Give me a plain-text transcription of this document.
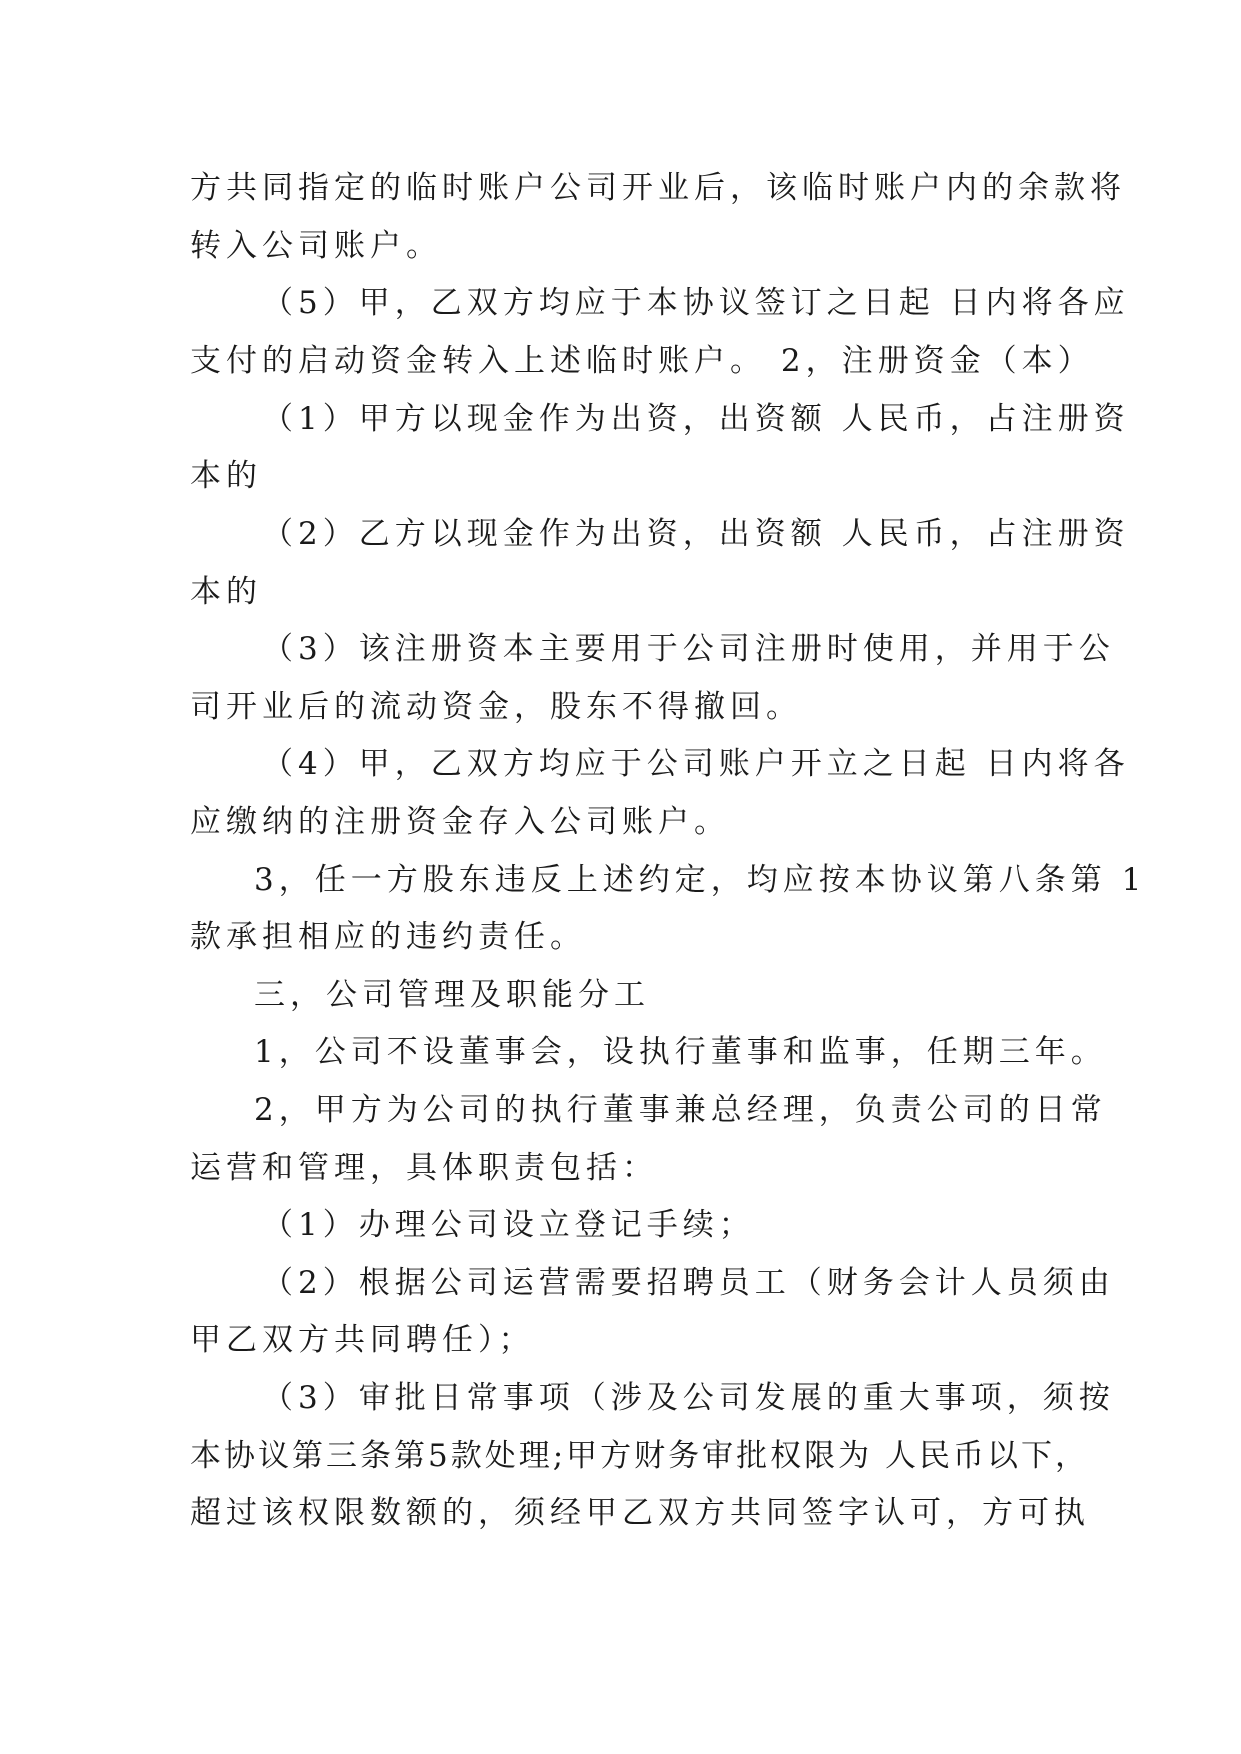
方共同指定的临时账户公司开业后，该临时账户内的余款将
转入公司账户。
（5）甲，乙双方均应于本协议签订之日起 日内将各应
支付的启动资金转入上述临时账户。 2，注册资金（本）
（1）甲方以现金作为出资，出资额 人民币，占注册资
本的
（2）乙方以现金作为出资，出资额 人民币，占注册资
本的
（3）该注册资本主要用于公司注册时使用，并用于公
司开业后的流动资金，股东不得撤回。
（4）甲，乙双方均应于公司账户开立之日起 日内将各
应缴纳的注册资金存入公司账户。
3，任一方股东违反上述约定，均应按本协议第八条第 1
款承担相应的违约责任。
三，公司管理及职能分工
1，公司不设董事会，设执行董事和监事，任期三年。
2，甲方为公司的执行董事兼总经理，负责公司的日常
运营和管理，具体职责包括：
（1）办理公司设立登记手续；
（2）根据公司运营需要招聘员工（财务会计人员须由
甲乙双方共同聘任）；
（3）审批日常事项（涉及公司发展的重大事项，须按
本协议第三条第5款处理;甲方财务审批权限为 人民币以下，
超过该权限数额的，须经甲乙双方共同签字认可，方可执
